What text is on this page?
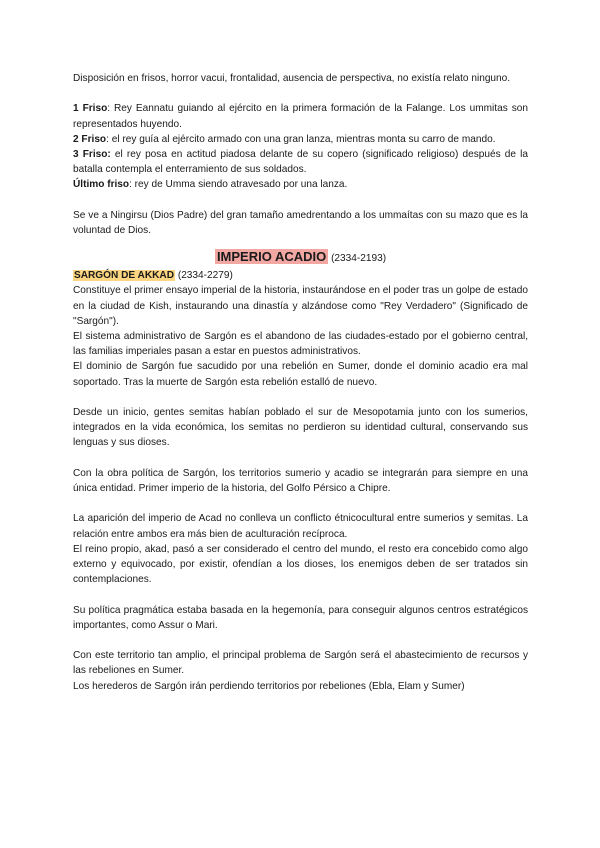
Disposición en frisos, horror vacui, frontalidad, ausencia de perspectiva, no existía relato ninguno.

1 Friso: Rey Eannatu guiando al ejército en la primera formación de la Falange. Los ummitas son representados huyendo.

2 Friso: el rey guía al ejército armado con una gran lanza, mientras monta su carro de mando.

3 Friso: el rey posa en actitud piadosa delante de su copero (significado religioso) después de la batalla contempla el enterramiento de sus soldados.

Último friso: rey de Umma siendo atravesado por una lanza.

Se ve a Ningirsu (Dios Padre) del gran tamaño amedrentando a los ummaítas con su mazo que es la voluntad de Dios.

IMPERIO ACADIO (2334-2193)

SARGÓN DE AKKAD (2334-2279)

Constituye el primer ensayo imperial de la historia, instaurándose en el poder tras un golpe de estado en la ciudad de Kish, instaurando una dinastía y alzándose como "Rey Verdadero" (Significado de "Sargón").

El sistema administrativo de Sargón es el abandono de las ciudades-estado por el gobierno central, las familias imperiales pasan a estar en puestos administrativos.

El dominio de Sargón fue sacudido por una rebelión en Sumer, donde el dominio acadio era mal soportado. Tras la muerte de Sargón esta rebelión estalló de nuevo.

Desde un inicio, gentes semitas habían poblado el sur de Mesopotamia junto con los sumerios, integrados en la vida económica, los semitas no perdieron su identidad cultural, conservando sus lenguas y sus dioses.

Con la obra política de Sargón, los territorios sumerio y acadio se integrarán para siempre en una única entidad. Primer imperio de la historia, del Golfo Pérsico a Chipre.

La aparición del imperio de Acad no conlleva un conflicto étnicocultural entre sumerios y semitas. La relación entre ambos era más bien de aculturación recíproca.

El reino propio, akad, pasó a ser considerado el centro del mundo, el resto era concebido como algo externo y equivocado, por existir, ofendían a los dioses, los enemigos deben de ser tratados sin contemplaciones.

Su política pragmática estaba basada en la hegemonía, para conseguir algunos centros estratégicos importantes, como Assur o Mari.

Con este territorio tan amplio, el principal problema de Sargón será el abastecimiento de recursos y las rebeliones en Sumer.

Los herederos de Sargón irán perdiendo territorios por rebeliones (Ebla, Elam y Sumer)
